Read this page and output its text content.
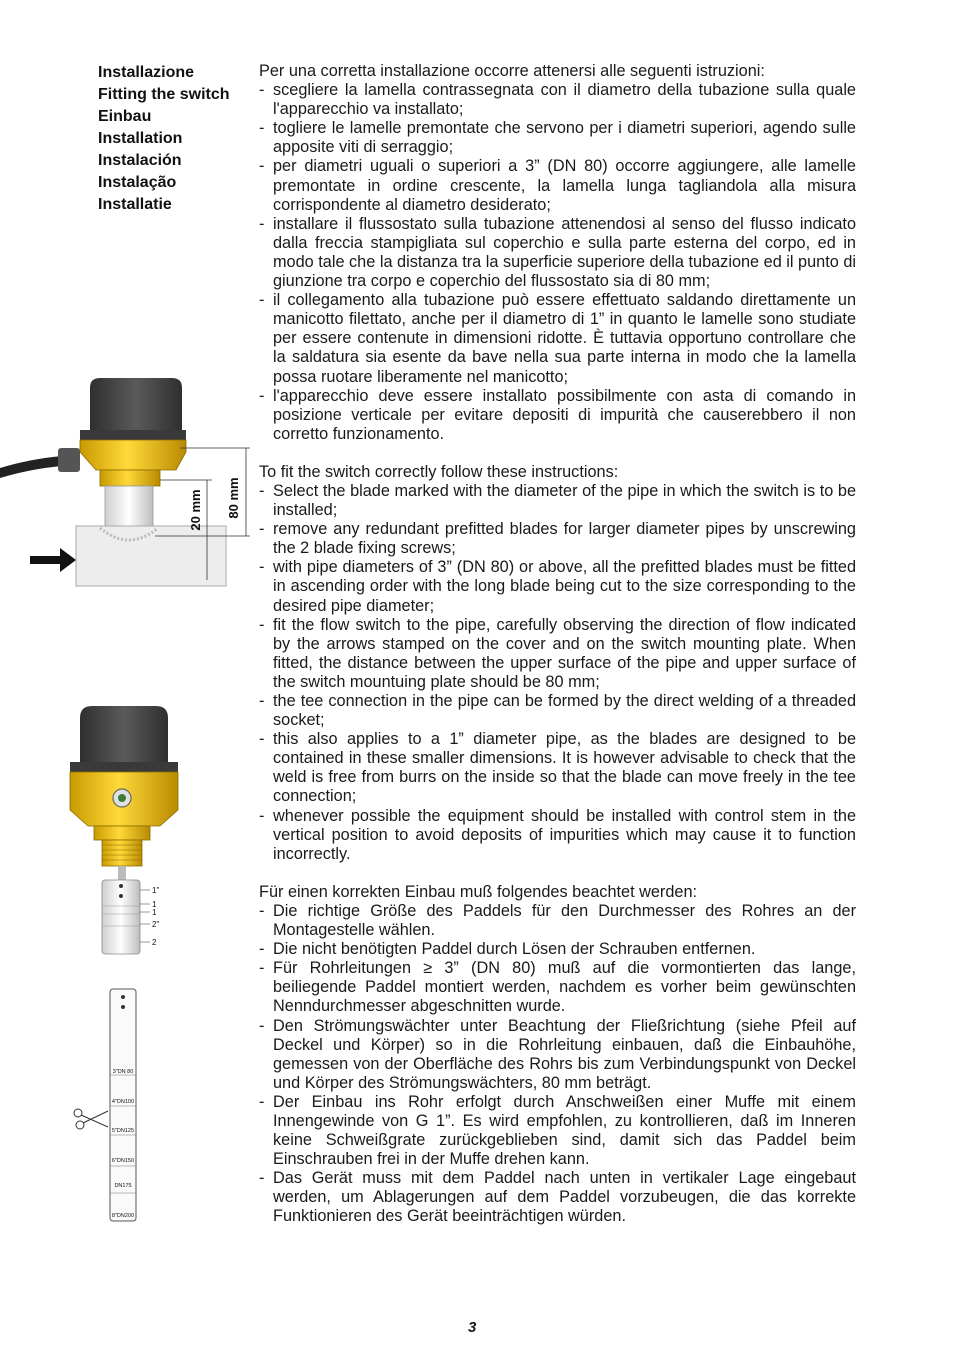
Installazione
Fitting the switch
Einbau
Installation
Instalación
Instalação
Installatie

Per una corretta installazione occorre attenersi alle seguenti istruzioni:

- scegliere la lamella contrassegnata con il diametro della tubazione sulla quale l'apparecchio va installato;
- togliere le lamelle premontate che servono per i diametri superiori, agendo sulle apposite viti di serraggio;
- per diametri uguali o superiori a 3” (DN 80) occorre aggiungere, alle lamelle premontate in ordine crescente, la lamella lunga tagliandola alla misura corrispondente al diametro desiderato;
- installare il flussostato sulla tubazione attenendosi al senso del flusso indicato dalla freccia stampigliata sul coperchio e sulla parte esterna del corpo, ed in modo tale che la distanza tra la superficie superiore della tubazione ed il punto di giunzione tra corpo e coperchio del flussostato sia di 80 mm;
- il collegamento alla tubazione può essere effettuato saldando direttamente un manicotto filettato, anche per il diametro di 1” in quanto le lamelle sono studiate per essere contenute in dimensioni ridotte. È tuttavia opportuno controllare che la saldatura sia esente da bave nella sua parte interna in modo che la lamella possa ruotare liberamente nel manicotto;
- l'apparecchio deve essere installato possibilmente con asta di comando in posizione verticale per evitare depositi di impurità che causerebbero il non corretto funzionamento.

To fit the switch correctly follow these instructions:

- Select the blade marked with the diameter of the pipe in which the switch is to be installed;
- remove any redundant prefitted blades for larger diameter pipes by unscrewing the 2 blade fixing screws;
- with pipe diameters of 3” (DN 80) or above, all the prefitted blades must be fitted in ascending order with the long blade being cut to the size corresponding to the desired pipe diameter;
- fit the flow switch to the pipe, carefully observing the direction of flow indicated by the arrows stamped on the cover and on the switch mounting plate. When fitted, the distance between the upper surface of the pipe and upper surface of the switch mountuing plate should be 80 mm;
- the tee connection in the pipe can be formed by the direct welding of a threaded socket;
- this also applies to a 1” diameter pipe, as the blades are designed to be contained in these smaller dimensions. It is however advisable to check that the weld is free from burrs on the inside so that the blade can move freely in the tee connection;
- whenever possible the equipment should be installed with control stem in the vertical position to avoid deposits of impurities which may cause it to function incorrectly.

Für einen korrekten Einbau muß folgendes beachtet werden:

- Die richtige Größe des Paddels für den Durchmesser des Rohres an der Montagestelle wählen.
- Die nicht benötigten Paddel durch Lösen der Schrauben entfernen.
- Für Rohrleitungen ≥ 3” (DN 80) muß auf die vormontierten das lange, beiliegende Paddel montiert werden, nachdem es vorher beim gewünschten Nenndurchmesser abgeschnitten wurde.
- Den Strömungswächter unter Beachtung der Fließrichtung (siehe Pfeil auf Deckel und Körper) so in die Rohrleitung einbauen, daß die Einbauhöhe, gemessen von der Oberfläche des Rohrs bis zum Verbindungspunkt von Deckel und Körper des Strömungswächters, 80 mm beträgt.
- Der Einbau ins Rohr erfolgt durch Anschweißen einer Muffe mit einem Innengewinde von G 1”. Es wird empfohlen, zu kontrollieren, daß im Inneren keine Schweißgrate zurückgeblieben sind, damit sich das Paddel beim Einschrauben frei in der Muffe drehen kann.
- Das Gerät muss mit dem Paddel nach unten in vertikaler Lage eingebaut werden, um Ablagerungen auf dem Paddel vorzubeugen, die das korrekte Funktionieren des Gerät beeinträchtigen würden.
20 mm 80 mm
1"
1
1
2"
2
3"DN 80
4"DN100
5"DN125
6"DN150
DN175
8"DN200
3
